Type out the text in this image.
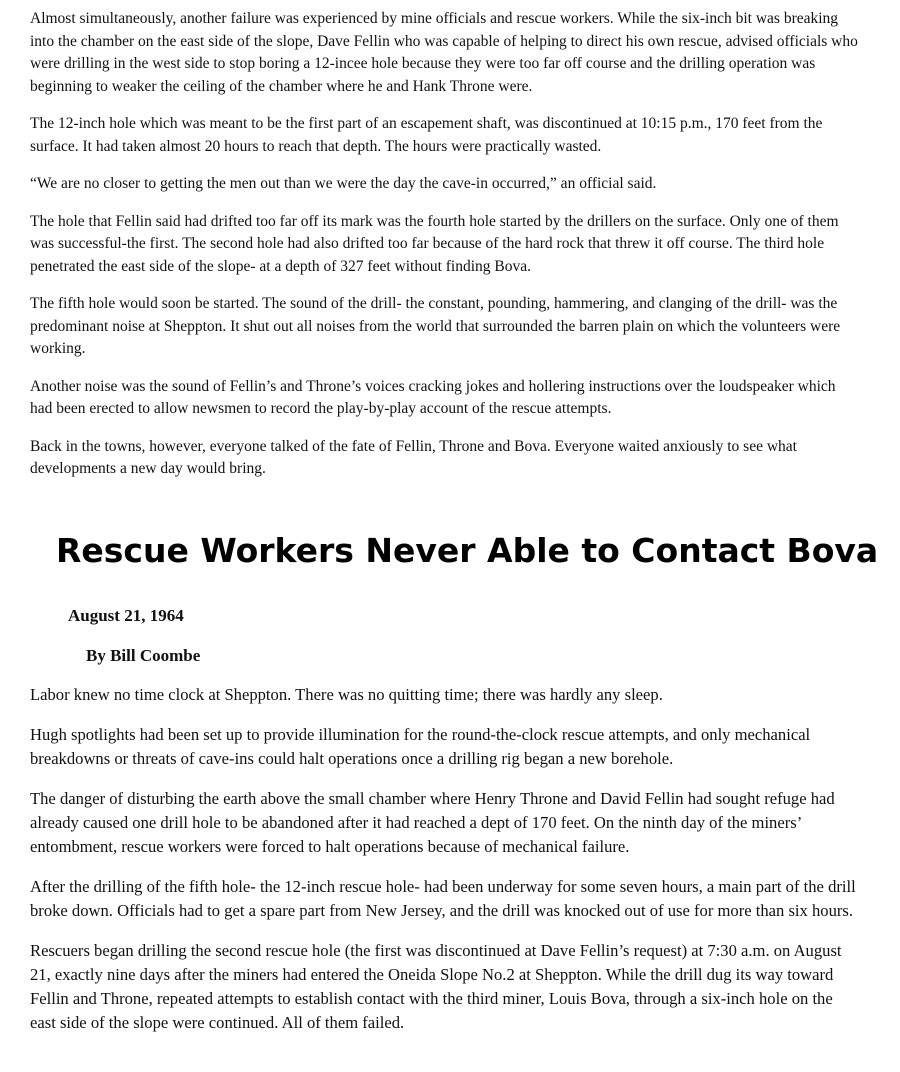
Almost simultaneously, another failure was experienced by mine officials and rescue workers. While the six-inch bit was breaking into the chamber on the east side of the slope, Dave Fellin who was capable of helping to direct his own rescue, advised officials who were drilling in the west side to stop boring a 12-incee hole because they were too far off course and the drilling operation was beginning to weaker the ceiling of the chamber where he and Hank Throne were.

The 12-inch hole which was meant to be the first part of an escapement shaft, was discontinued at 10:15 p.m., 170 feet from the surface. It had taken almost 20 hours to reach that depth. The hours were practically wasted.

“We are no closer to getting the men out than we were the day the cave-in occurred,” an official said.

The hole that Fellin said had drifted too far off its mark was the fourth hole started by the drillers on the surface. Only one of them was successful-the first. The second hole had also drifted too far because of the hard rock that threw it off course. The third hole penetrated the east side of the slope- at a depth of 327 feet without finding Bova.

The fifth hole would soon be started. The sound of the drill- the constant, pounding, hammering, and clanging of the drill- was the predominant noise at Sheppton. It shut out all noises from the world that surrounded the barren plain on which the volunteers were working.

Another noise was the sound of Fellin’s and Throne’s voices cracking jokes and hollering instructions over the loudspeaker which had been erected to allow newsmen to record the play-by-play account of the rescue attempts.

Back in the towns, however, everyone talked of the fate of Fellin, Throne and Bova. Everyone waited anxiously to see what developments a new day would bring.

Rescue Workers Never Able to Contact Bova
August 21, 1964
By Bill Coombe

Labor knew no time clock at Sheppton. There was no quitting time; there was hardly any sleep.

Hugh spotlights had been set up to provide illumination for the round-the-clock rescue attempts, and only mechanical breakdowns or threats of cave-ins could halt operations once a drilling rig began a new borehole.

The danger of disturbing the earth above the small chamber where Henry Throne and David Fellin had sought refuge had already caused one drill hole to be abandoned after it had reached a dept of 170 feet. On the ninth day of the miners’ entombment, rescue workers were forced to halt operations because of mechanical failure.

After the drilling of the fifth hole- the 12-inch rescue hole- had been underway for some seven hours, a main part of the drill broke down. Officials had to get a spare part from New Jersey, and the drill was knocked out of use for more than six hours.

Rescuers began drilling the second rescue hole (the first was discontinued at Dave Fellin’s request) at 7:30 a.m. on August 21, exactly nine days after the miners had entered the Oneida Slope No.2 at Sheppton. While the drill dug its way toward Fellin and Throne, repeated attempts to establish contact with the third miner, Louis Bova, through a six-inch hole on the east side of the slope were continued. All of them failed.
